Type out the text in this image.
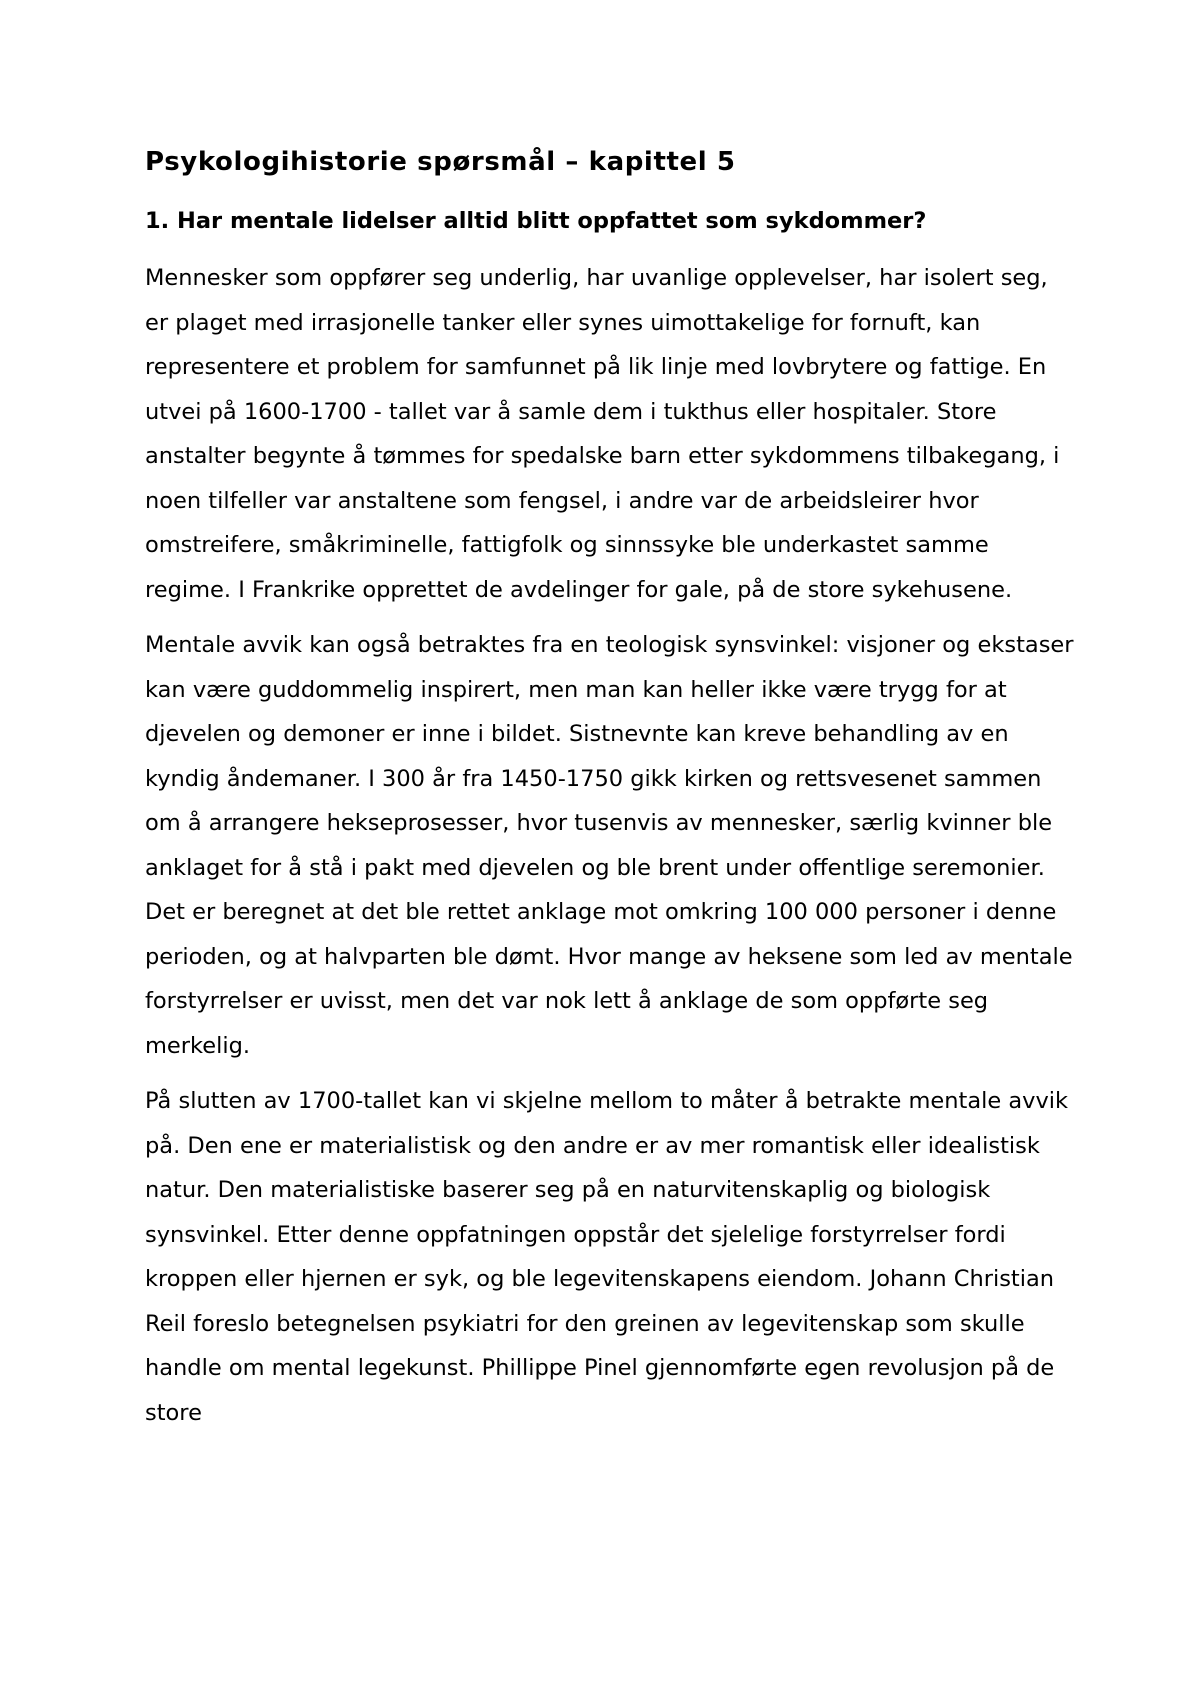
Psykologihistorie spørsmål – kapittel 5
1. Har mentale lidelser alltid blitt oppfattet som sykdommer?

Mennesker som oppfører seg underlig, har uvanlige opplevelser, har isolert seg, er plaget med irrasjonelle tanker eller synes uimottakelige for fornuft, kan representere et problem for samfunnet på lik linje med lovbrytere og fattige. En utvei på 1600-1700 - tallet var å samle dem i tukthus eller hospitaler. Store anstalter begynte å tømmes for spedalske barn etter sykdommens tilbakegang, i noen tilfeller var anstaltene som fengsel, i andre var de arbeidsleirer hvor omstreifere, småkriminelle, fattigfolk og sinnssyke ble underkastet samme regime. I Frankrike opprettet de avdelinger for gale, på de store sykehusene.

Mentale avvik kan også betraktes fra en teologisk synsvinkel: visjoner og ekstaser kan være guddommelig inspirert, men man kan heller ikke være trygg for at djevelen og demoner er inne i bildet. Sistnevnte kan kreve behandling av en kyndig åndemaner. I 300 år fra 1450-1750 gikk kirken og rettsvesenet sammen om å arrangere hekseprosesser, hvor tusenvis av mennesker, særlig kvinner ble anklaget for å stå i pakt med djevelen og ble brent under offentlige seremonier. Det er beregnet at det ble rettet anklage mot omkring 100 000 personer i denne perioden, og at halvparten ble dømt. Hvor mange av heksene som led av mentale forstyrrelser er uvisst, men det var nok lett å anklage de som oppførte seg merkelig.

På slutten av 1700-tallet kan vi skjelne mellom to måter å betrakte mentale avvik på. Den ene er materialistisk og den andre er av mer romantisk eller idealistisk natur. Den materialistiske baserer seg på en naturvitenskaplig og biologisk synsvinkel. Etter denne oppfatningen oppstår det sjelelige forstyrrelser fordi kroppen eller hjernen er syk, og ble legevitenskapens eiendom. Johann Christian Reil foreslo betegnelsen psykiatri for den greinen av legevitenskap som skulle handle om mental legekunst. Phillippe Pinel gjennomførte egen revolusjon på de store
